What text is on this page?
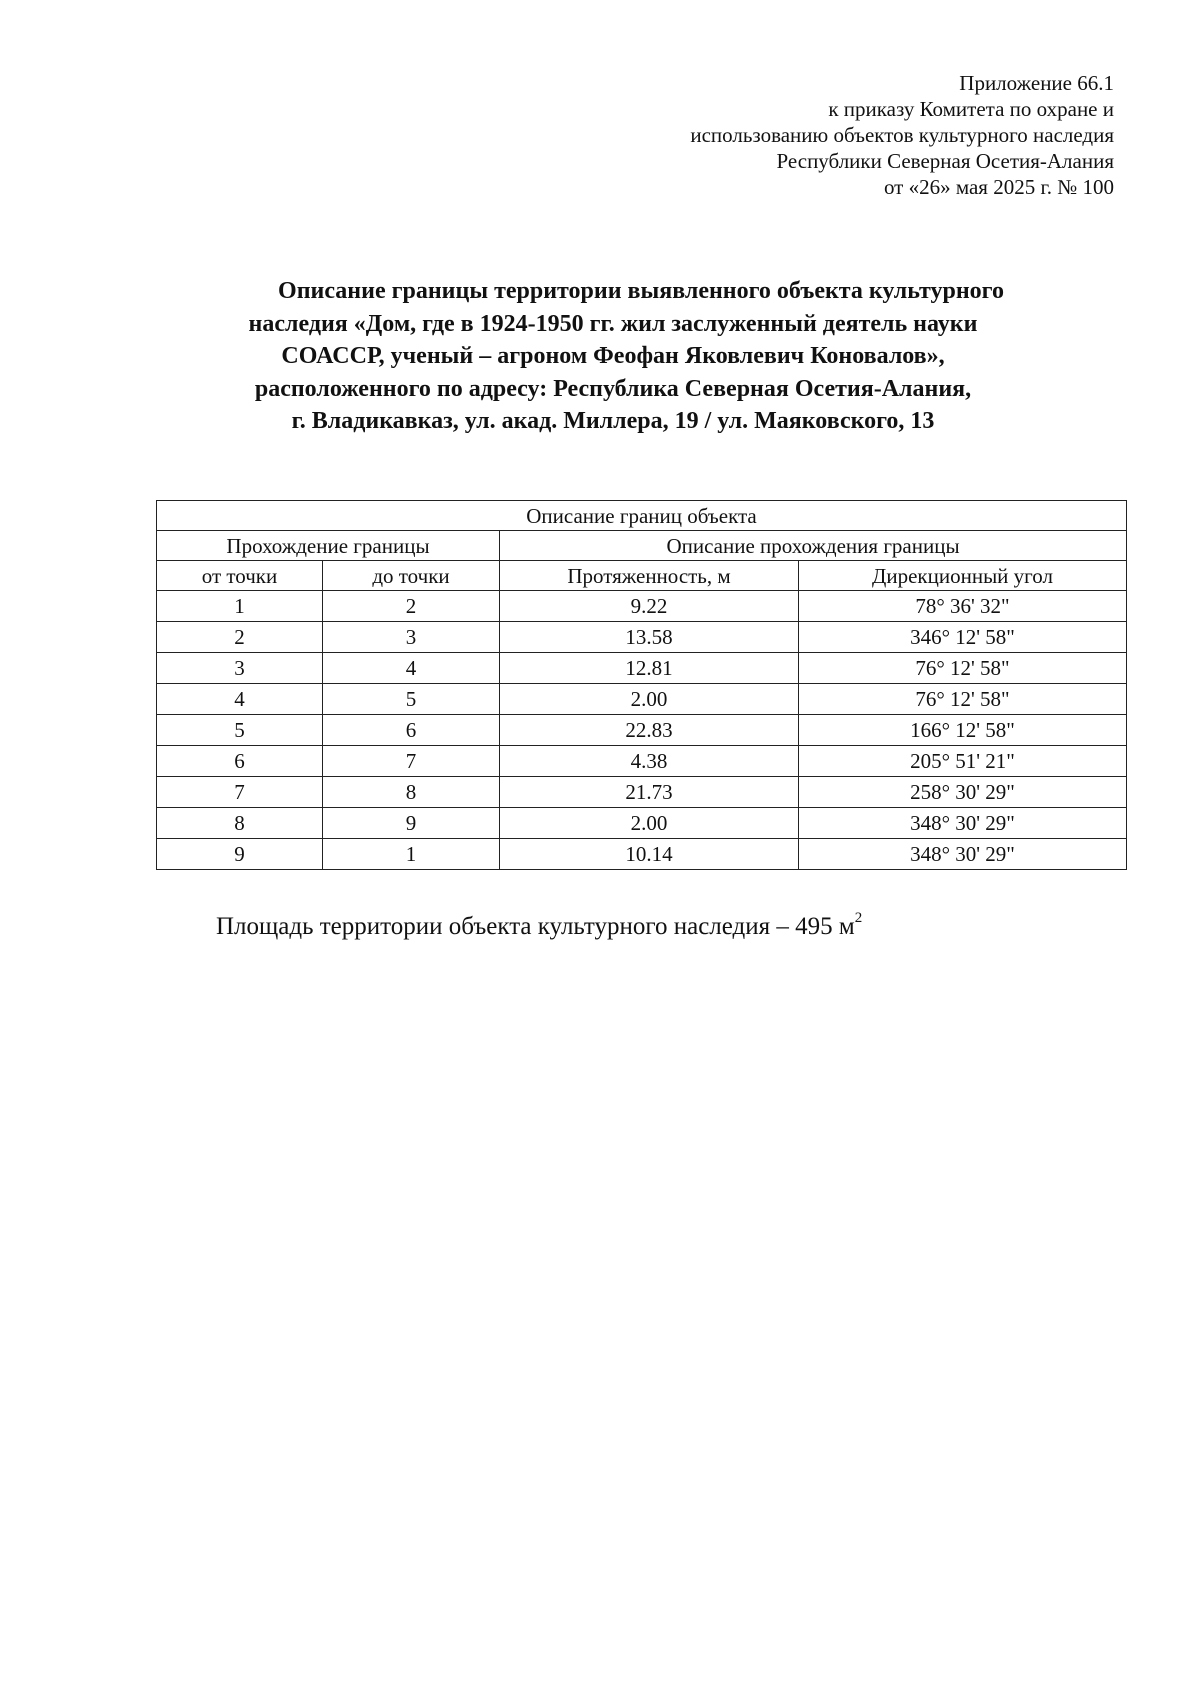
Приложение 66.1
к приказу Комитета по охране и
использованию объектов культурного наследия
Республики Северная Осетия-Алания
от «26» мая 2025 г. № 100
Описание границы территории выявленного объекта культурного
наследия «Дом, где в 1924-1950 гг. жил заслуженный деятель науки
СОАССР, ученый – агроном Феофан Яковлевич Коновалов»,
расположенного по адресу: Республика Северная Осетия-Алания,
г. Владикавказ, ул. акад. Миллера, 19 / ул. Маяковского, 13
Описание границ объекта			
Прохождение границы		Описание прохождения границы	
от точки	до точки	Протяженность, м	Дирекционный угол
1	2	9.22	78° 36' 32"
2	3	13.58	346° 12' 58"
3	4	12.81	76° 12' 58"
4	5	2.00	76° 12' 58"
5	6	22.83	166° 12' 58"
6	7	4.38	205° 51' 21"
7	8	21.73	258° 30' 29"
8	9	2.00	348° 30' 29"
9	1	10.14	348° 30' 29"
Площадь территории объекта культурного наследия – 495 $м^2$
